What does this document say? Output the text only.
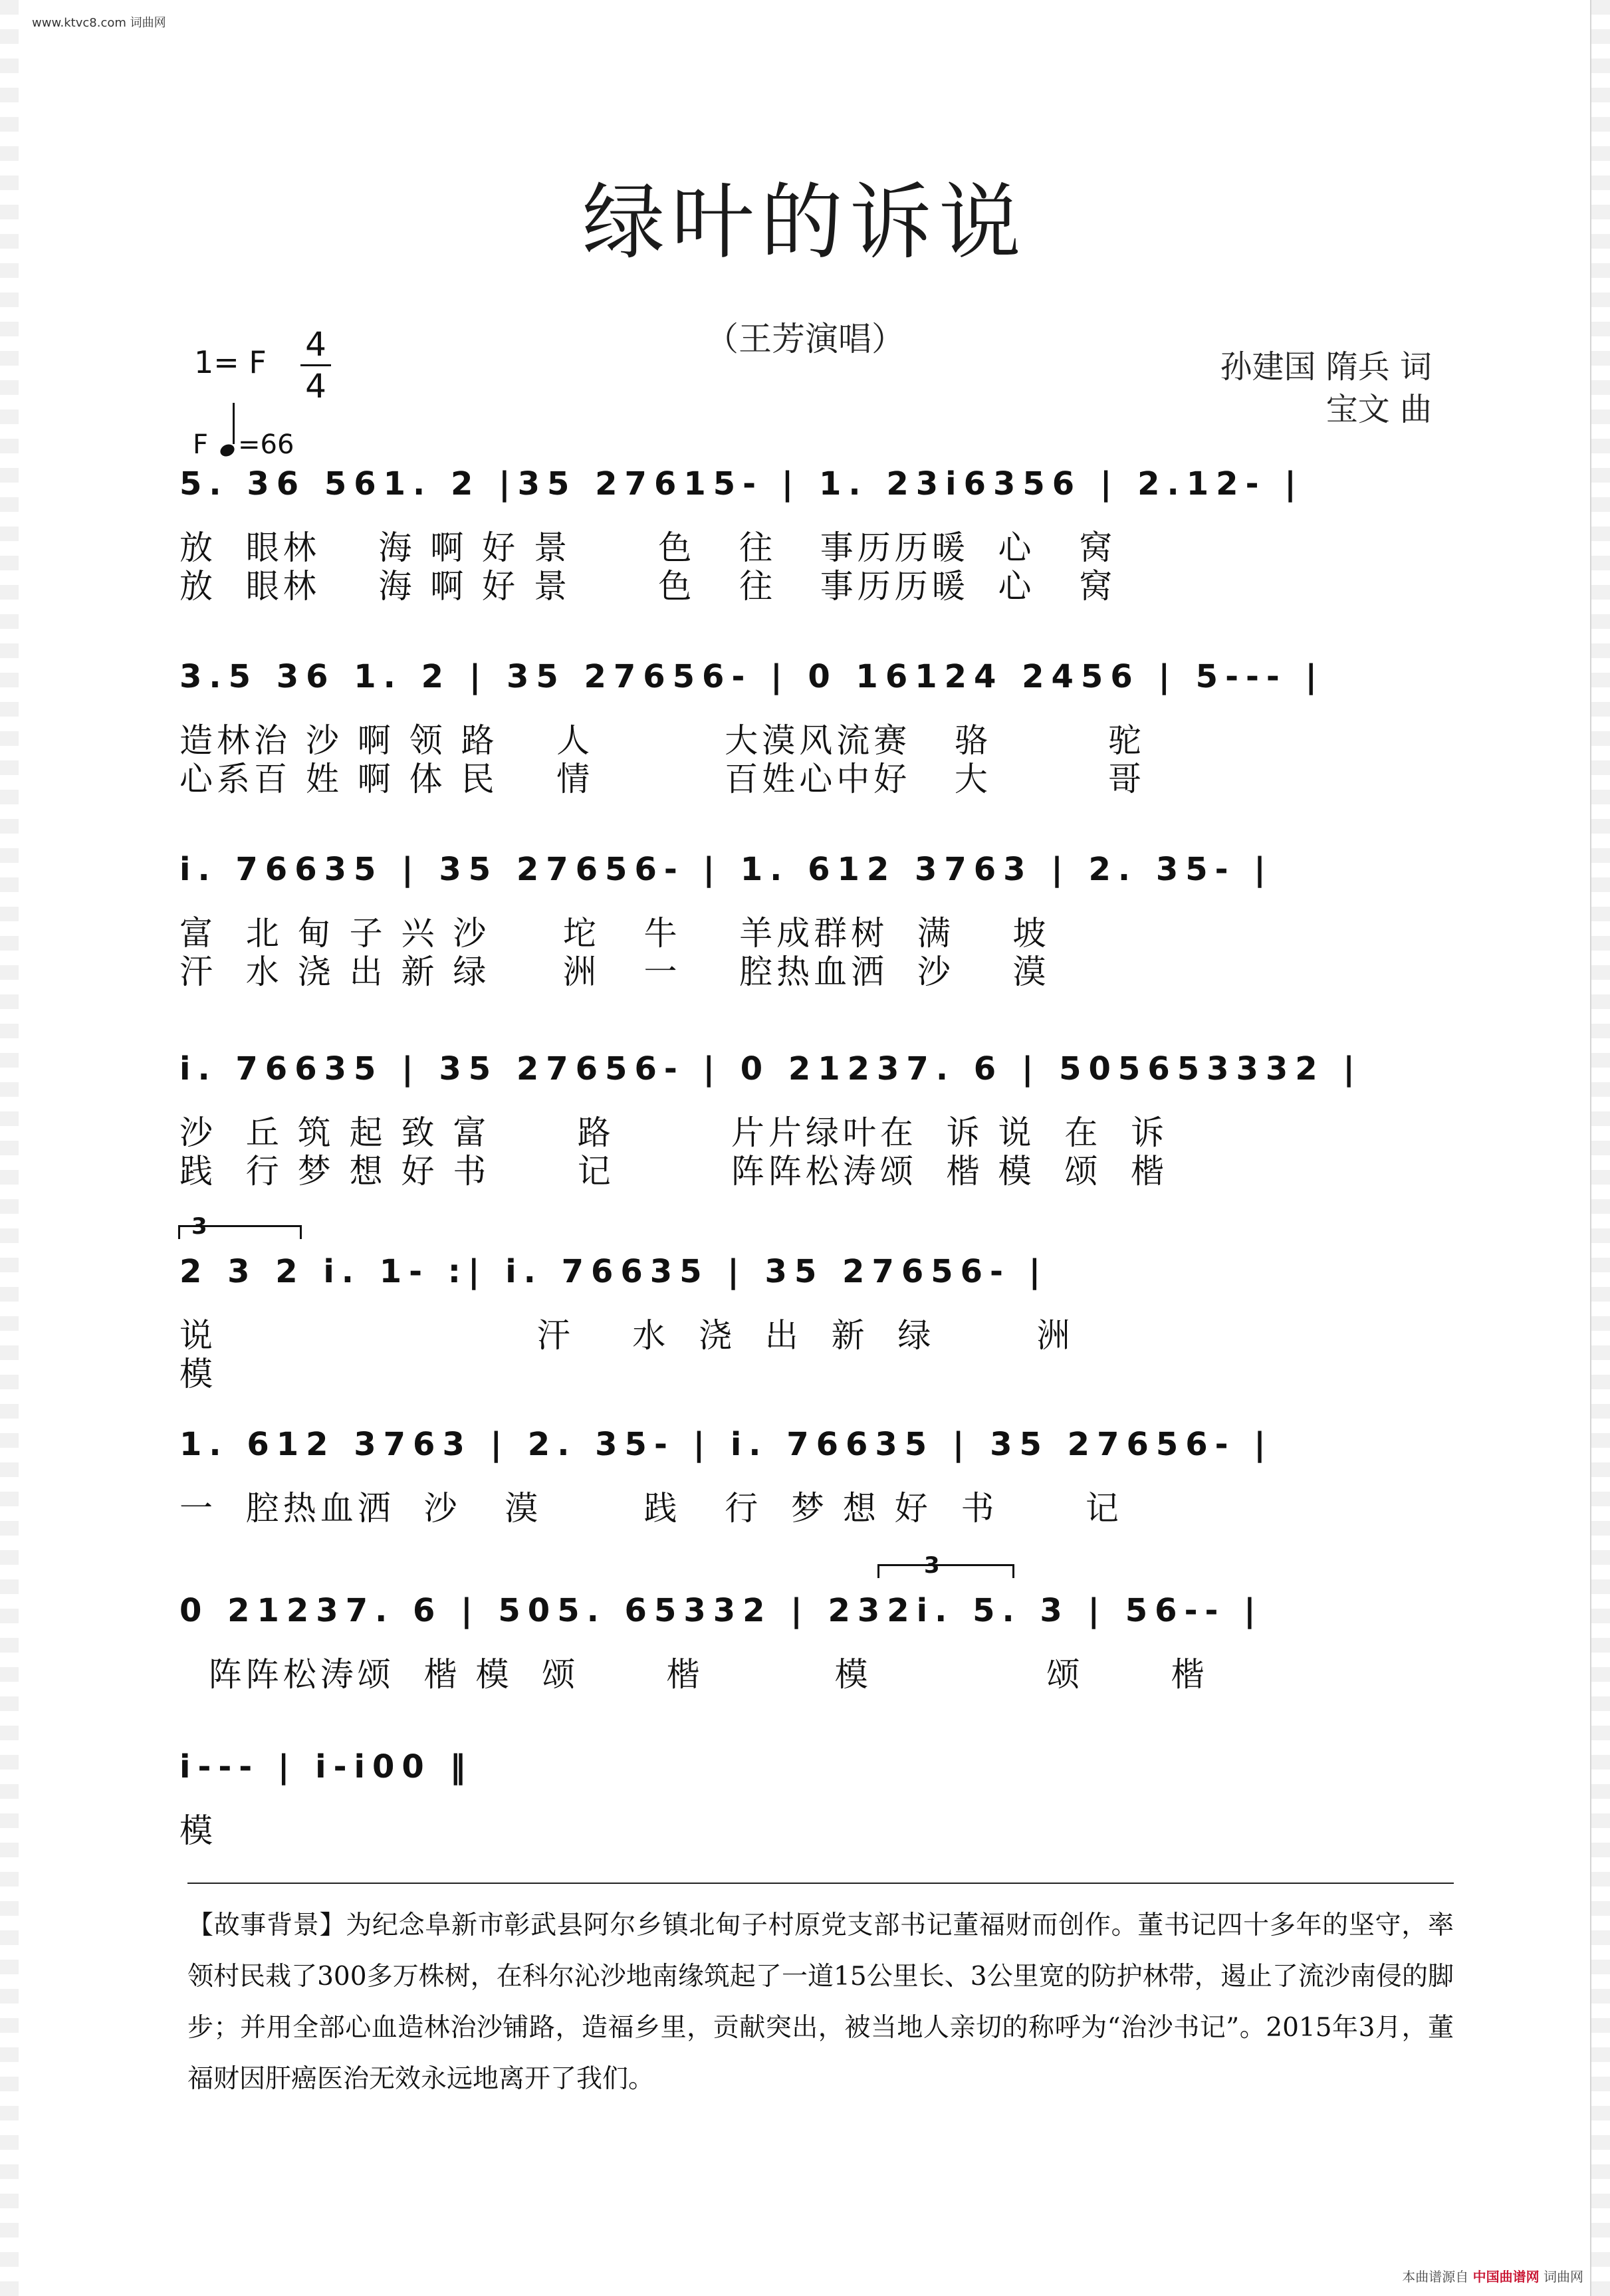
www.ktvc8.com 词曲网
绿叶的诉说
（王芳演唱）
1= F 4
4
F =66
孙建国 隋兵 词
宝文 曲
5. 36 561. 2 |35 27615- | 1. 23i6356 | 2.12- |
放  眼林    海 啊 好 景      色   往   事历历暖  心   窝
放  眼林    海 啊 好 景      色   往   事历历暖  心   窝
3.5 36 1. 2 | 35 27656- | 0 16124 2456 | 5--- |
造林治 沙 啊 领 路    人         大漠风流赛   骆        驼
心系百 姓 啊 体 民    情         百姓心中好   大        哥
i. 76635 | 35 27656- | 1. 612 3763 | 2. 35- |
富  北 甸 子 兴 沙     坨   牛    羊成群树  满    坡
汗  水 浇 出 新 绿     洲   一    腔热血洒  沙    漠
i. 76635 | 35 27656- | 0 21237. 6 | 505653332 |
沙  丘 筑 起 致 富      路        片片绿叶在  诉 说  在  诉
践  行 梦 想 好 书      记        阵阵松涛颂  楷 模  颂  楷
3
2 3 2 i. 1- :| i. 76635 | 35 27656- |
说                      汗    水  浇  出  新  绿       洲
模
1. 612 3763 | 2. 35- | i. 76635 | 35 27656- |
一  腔热血洒  沙   漠       践   行  梦 想 好  书      记
3
0 21237. 6 | 505. 65332 | 232i. 5. 3 | 56-- |
阵阵松涛颂  楷 模  颂      楷         模            颂      楷
i--- | i-i00 ‖
模
【故事背景】为纪念阜新市彰武县阿尔乡镇北甸子村原党支部书记董福财而创作。董书记四十多年的坚守，率领村民栽了300多万株树，在科尔沁沙地南缘筑起了一道15公里长、3公里宽的防护林带，遏止了流沙南侵的脚步；并用全部心血造林治沙铺路，造福乡里，贡献突出，被当地人亲切的称呼为“治沙书记”。2015年3月，董福财因肝癌医治无效永远地离开了我们。
本曲谱源自 中国曲谱网 词曲网
